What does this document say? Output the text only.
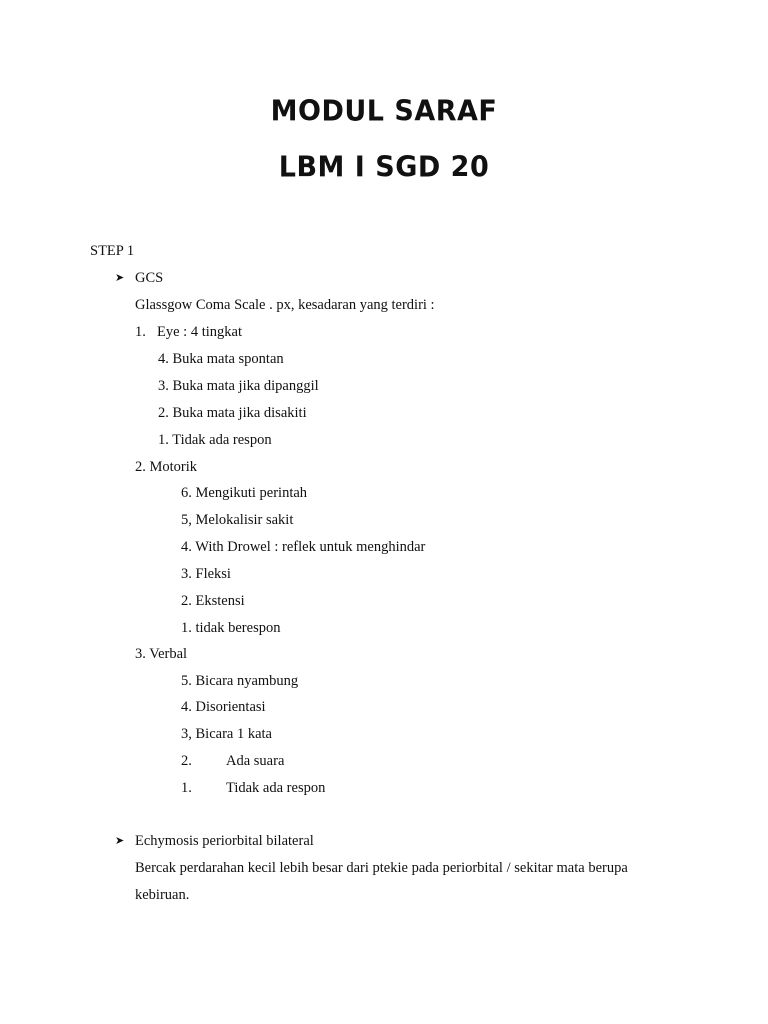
MODUL SARAF
LBM I SGD 20
STEP 1
➤ GCS
Glassgow Coma Scale . px, kesadaran yang terdiri :
1. Eye : 4 tingkat
4. Buka mata spontan
3. Buka mata jika dipanggil
2. Buka mata jika disakiti
1. Tidak ada respon
2. Motorik
6. Mengikuti perintah
5, Melokalisir sakit
4. With Drowel : reflek untuk menghindar
3. Fleksi
2. Ekstensi
1. tidak berespon
3. Verbal
5. Bicara nyambung
4. Disorientasi
3, Bicara 1 kata
2. Ada suara
1. Tidak ada respon
➤ Echymosis periorbital bilateral
Bercak perdarahan kecil lebih besar dari ptekie pada periorbital / sekitar mata berupa
kebiruan.
